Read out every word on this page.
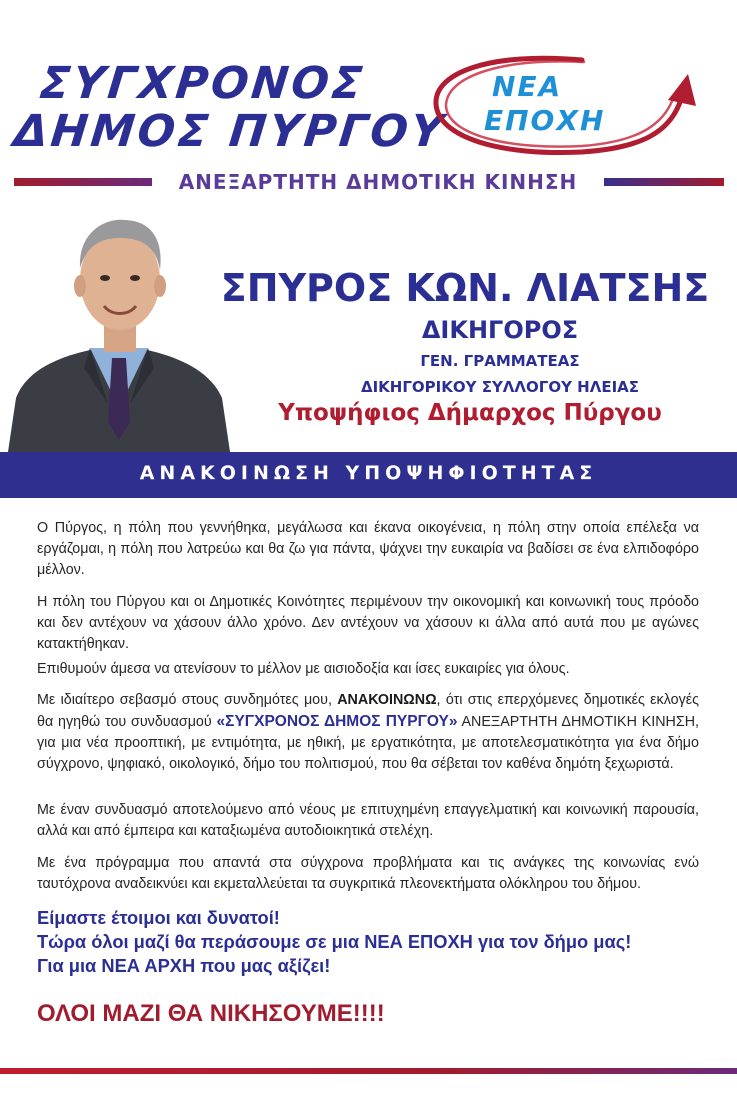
ΣΥΓΧΡΟΝΟΣ
ΔΗΜΟΣ ΠΥΡΓΟΥ
ΝΕΑ
ΕΠΟΧΗ
ΑΝΕΞΑΡΤΗΤΗ ΔΗΜΟΤΙΚΗ ΚΙΝΗΣΗ
ΣΠΥΡΟΣ ΚΩΝ. ΛΙΑΤΣΗΣ
ΔΙΚΗΓΟΡΟΣ
ΓΕΝ. ΓΡΑΜΜΑΤΕΑΣ
ΔΙΚΗΓΟΡΙΚΟΥ ΣΥΛΛΟΓΟΥ ΗΛΕΙΑΣ
Υποψήφιος Δήμαρχος Πύργου
ΑΝΑΚΟΙΝΩΣΗ ΥΠΟΨΗΦΙΟΤΗΤΑΣ

Ο Πύργος, η πόλη που γεννήθηκα, μεγάλωσα και έκανα οικογένεια, η πόλη στην οποία επέλεξα να εργάζομαι, η πόλη που λατρεύω και θα ζω για πάντα, ψάχνει την ευκαιρία να βαδίσει σε ένα ελπιδοφόρο μέλλον.

Η πόλη του Πύργου και οι Δημοτικές Κοινότητες περιμένουν την οικονομική και κοινωνική τους πρόοδο και δεν αντέχουν να χάσουν άλλο χρόνο. Δεν αντέχουν να χάσουν κι άλλα από αυτά που με αγώνες κατακτήθηκαν.

Επιθυμούν άμεσα να ατενίσουν το μέλλον με αισιοδοξία και ίσες ευκαιρίες για όλους.

Με ιδιαίτερο σεβασμό στους συνδημότες μου, ΑΝΑΚΟΙΝΩΝΩ, ότι στις επερχόμενες δημοτικές εκλογές θα ηγηθώ του συνδυασμού «ΣΥΓΧΡΟΝΟΣ ΔΗΜΟΣ ΠΥΡΓΟΥ» ΑΝΕΞΑΡΤΗΤΗ ΔΗΜΟΤΙΚΗ ΚΙΝΗΣΗ, για μια νέα προοπτική, με εντιμότητα, με ηθική, με εργατικότητα, με αποτελεσματικότητα για ένα δήμο σύγχρονο, ψηφιακό, οικολογικό, δήμο του πολιτισμού, που θα σέβεται τον καθένα δημότη ξεχωριστά.

Με έναν συνδυασμό αποτελούμενο από νέους με επιτυχημένη επαγγελματική και κοινωνική παρουσία, αλλά και από έμπειρα και καταξιωμένα αυτοδιοικητικά στελέχη.

Με ένα πρόγραμμα που απαντά στα σύγχρονα προβλήματα και τις ανάγκες της κοινωνίας ενώ ταυτόχρονα αναδεικνύει και εκμεταλλεύεται τα συγκριτικά πλεονεκτήματα ολόκληρου του δήμου.

Είμαστε έτοιμοι και δυνατοί!
Τώρα όλοι μαζί θα περάσουμε σε μια ΝΕΑ ΕΠΟΧΗ για τον δήμο μας!
Για μια ΝΕΑ ΑΡΧΗ που μας αξίζει!
ΟΛΟΙ ΜΑΖΙ ΘΑ ΝΙΚΗΣΟΥΜΕ!!!!
